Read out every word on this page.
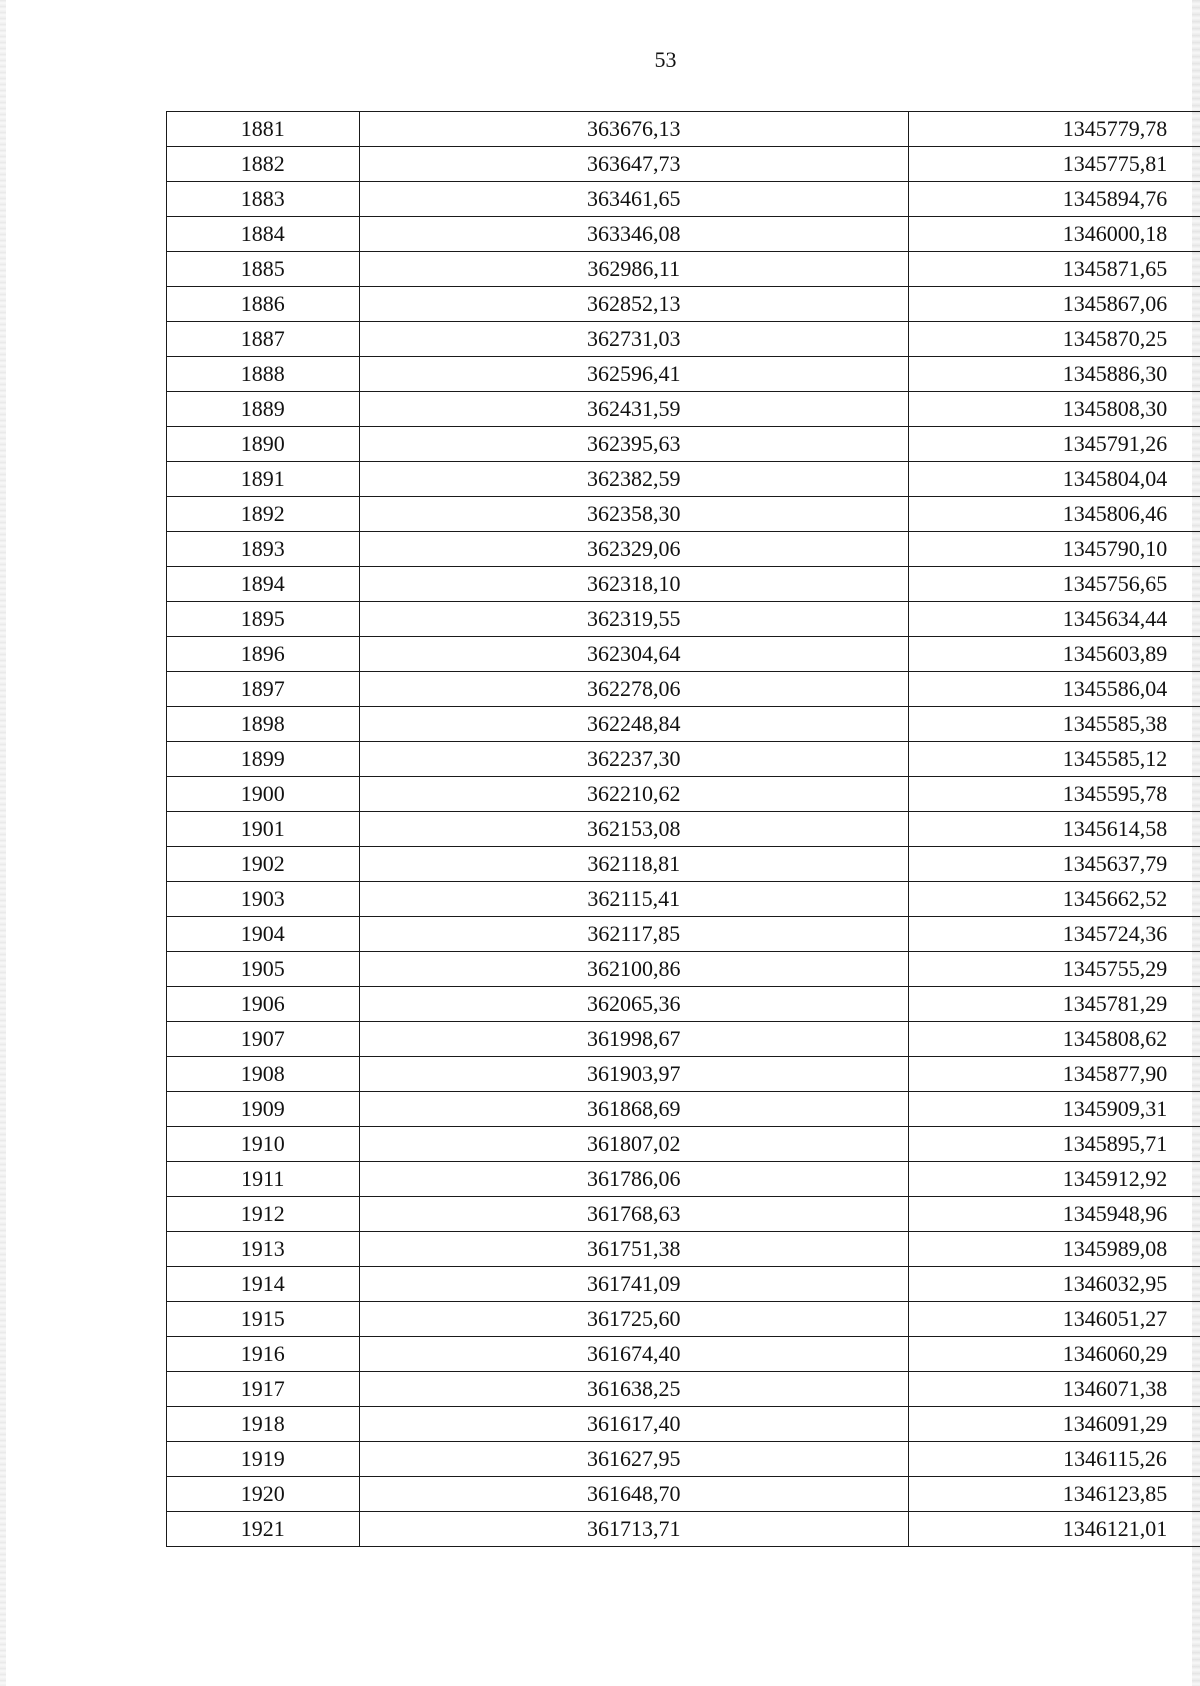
53
1881	363676,13	1345779,78
1882	363647,73	1345775,81
1883	363461,65	1345894,76
1884	363346,08	1346000,18
1885	362986,11	1345871,65
1886	362852,13	1345867,06
1887	362731,03	1345870,25
1888	362596,41	1345886,30
1889	362431,59	1345808,30
1890	362395,63	1345791,26
1891	362382,59	1345804,04
1892	362358,30	1345806,46
1893	362329,06	1345790,10
1894	362318,10	1345756,65
1895	362319,55	1345634,44
1896	362304,64	1345603,89
1897	362278,06	1345586,04
1898	362248,84	1345585,38
1899	362237,30	1345585,12
1900	362210,62	1345595,78
1901	362153,08	1345614,58
1902	362118,81	1345637,79
1903	362115,41	1345662,52
1904	362117,85	1345724,36
1905	362100,86	1345755,29
1906	362065,36	1345781,29
1907	361998,67	1345808,62
1908	361903,97	1345877,90
1909	361868,69	1345909,31
1910	361807,02	1345895,71
1911	361786,06	1345912,92
1912	361768,63	1345948,96
1913	361751,38	1345989,08
1914	361741,09	1346032,95
1915	361725,60	1346051,27
1916	361674,40	1346060,29
1917	361638,25	1346071,38
1918	361617,40	1346091,29
1919	361627,95	1346115,26
1920	361648,70	1346123,85
1921	361713,71	1346121,01
